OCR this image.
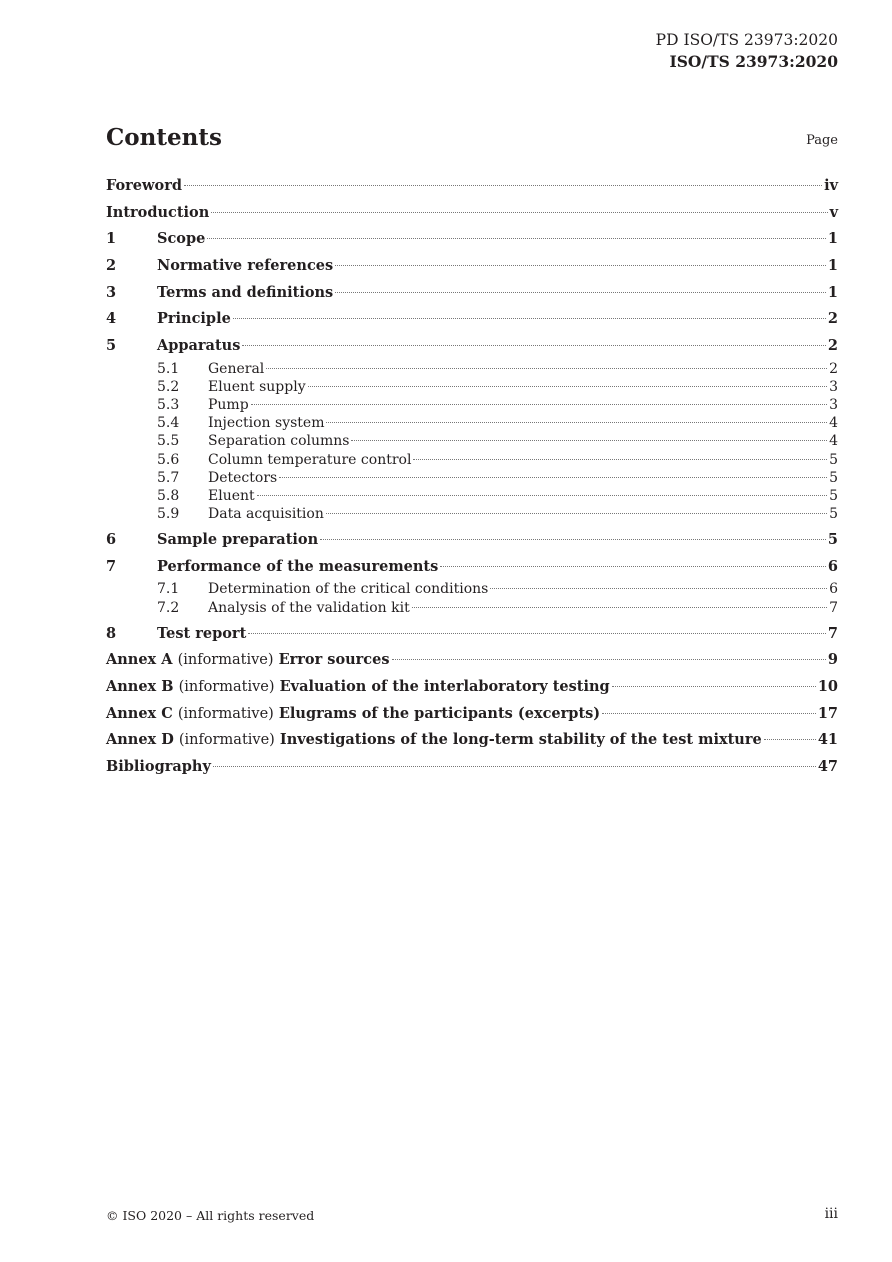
PD ISO/TS 23973:2020
ISO/TS 23973:2020
Contents	Page
Foreword	iv
Introduction	v
1	Scope	1
2	Normative references	1
3	Terms and definitions	1
4	Principle	2
5	Apparatus	2
5.1	General	2
5.2	Eluent supply	3
5.3	Pump	3
5.4	Injection system	4
5.5	Separation columns	4
5.6	Column temperature control	5
5.7	Detectors	5
5.8	Eluent	5
5.9	Data acquisition	5
6	Sample preparation	5
7	Performance of the measurements	6
7.1	Determination of the critical conditions	6
7.2	Analysis of the validation kit	7
8	Test report	7
Annex A (informative) Error sources	9
Annex B (informative) Evaluation of the interlaboratory testing	10
Annex C (informative) Elugrams of the participants (excerpts)	17
Annex D (informative) Investigations of the long-term stability of the test mixture	41
Bibliography	47
© ISO 2020 – All rights reserved	iii
